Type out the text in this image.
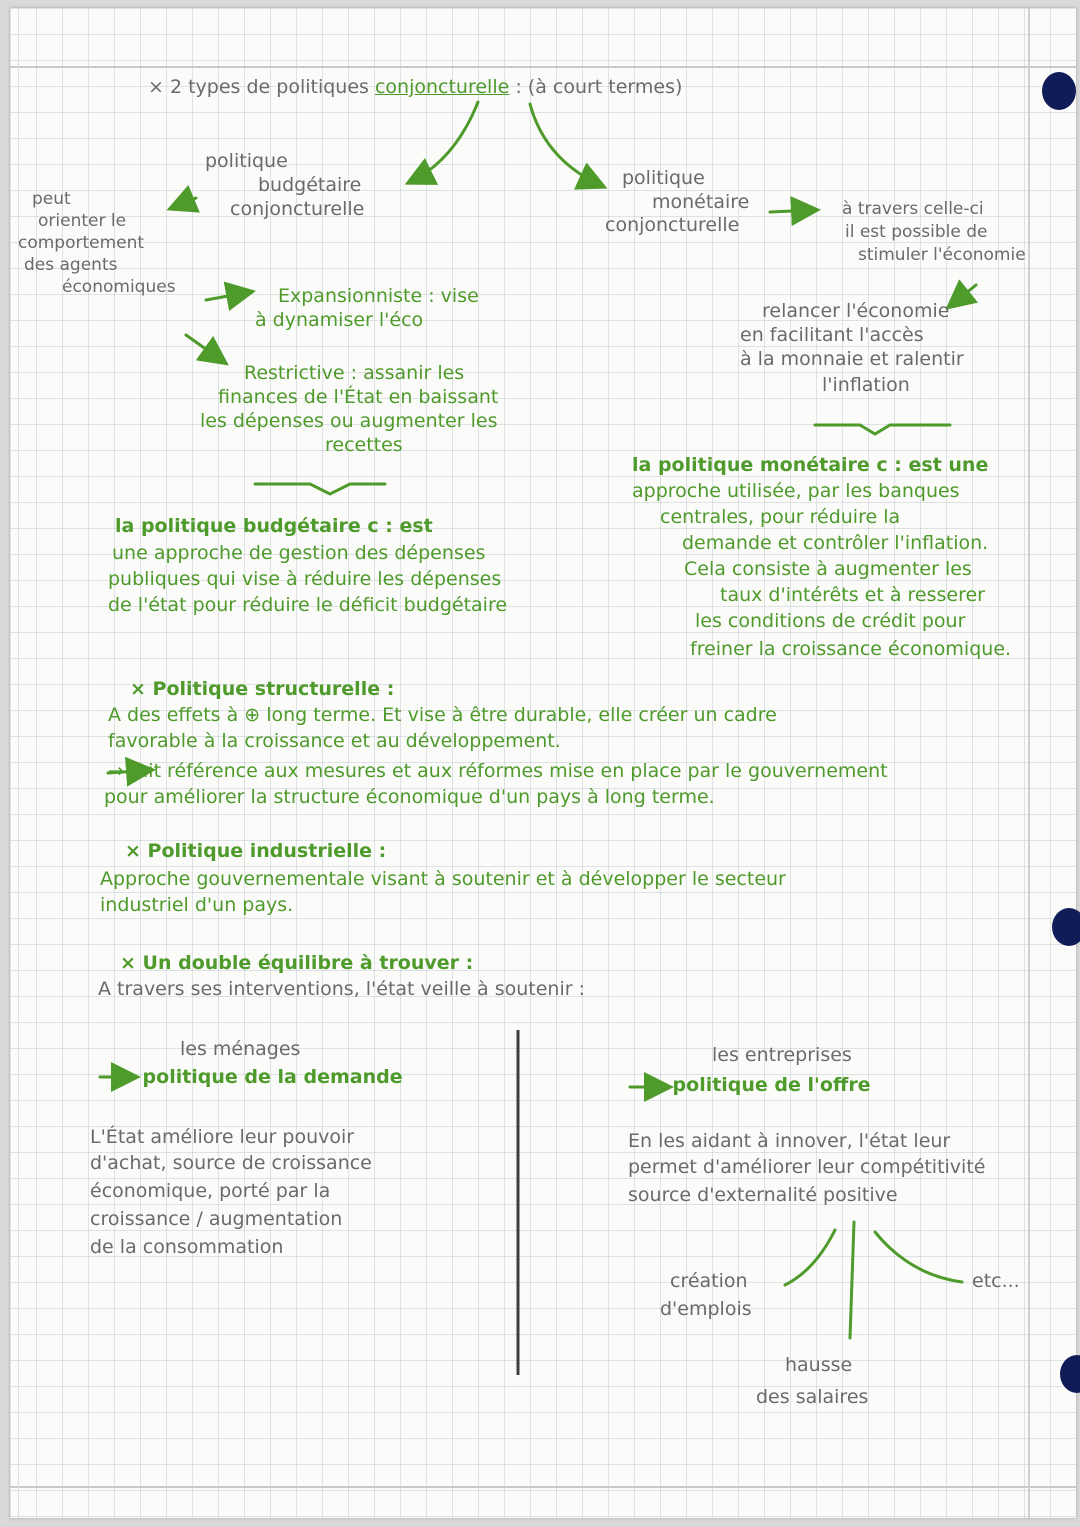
× 2 types de politiques conjoncturelle : (à court termes)

politique

budgétaire

conjoncturelle

peut

orienter le

comportement

des agents

économiques	Expansionniste : vise

à dynamiser l'éco

Restrictive : assanir les

finances de l'État en baissant

les dépenses ou augmenter les

recettes

politique

monétaire

conjoncturelle

à travers celle-ci

il est possible de

stimuler l'économie

relancer l'économie

en facilitant l'accès

à la monnaie et ralentir

l'inflation

la politique monétaire c : est une

approche utilisée, par les banques

centrales, pour réduire la

demande et contrôler l'inflation.

Cela consiste à augmenter les

taux d'intérêts et à resserer

les conditions de crédit pour

freiner la croissance économique.

la politique budgétaire c : est

une approche de gestion des dépenses

publiques qui vise à réduire les dépenses

de l'état pour réduire le déficit budgétaire

× Politique structurelle :

A des effets à ⊕ long terme. Et vise à être durable, elle créer un cadre

favorable à la croissance et au développement.

→ fait référence aux mesures et aux réformes mise en place par le gouvernement

pour améliorer la structure économique d'un pays à long terme.

× Politique industrielle :

Approche gouvernementale visant à soutenir et à développer le secteur

industriel d'un pays.

× Un double équilibre à trouver :

A travers ses interventions, l'état veille à soutenir :

les ménages

→ politique de la demande

L'État améliore leur pouvoir

d'achat, source de croissance

économique, porté par la

croissance / augmentation

de la consommation

les entreprises

→ politique de l'offre

En les aidant à innover, l'état leur

permet d'améliorer leur compétitivité

source d'externalité positive

création

d'emplois

hausse

des salaires

etc...
